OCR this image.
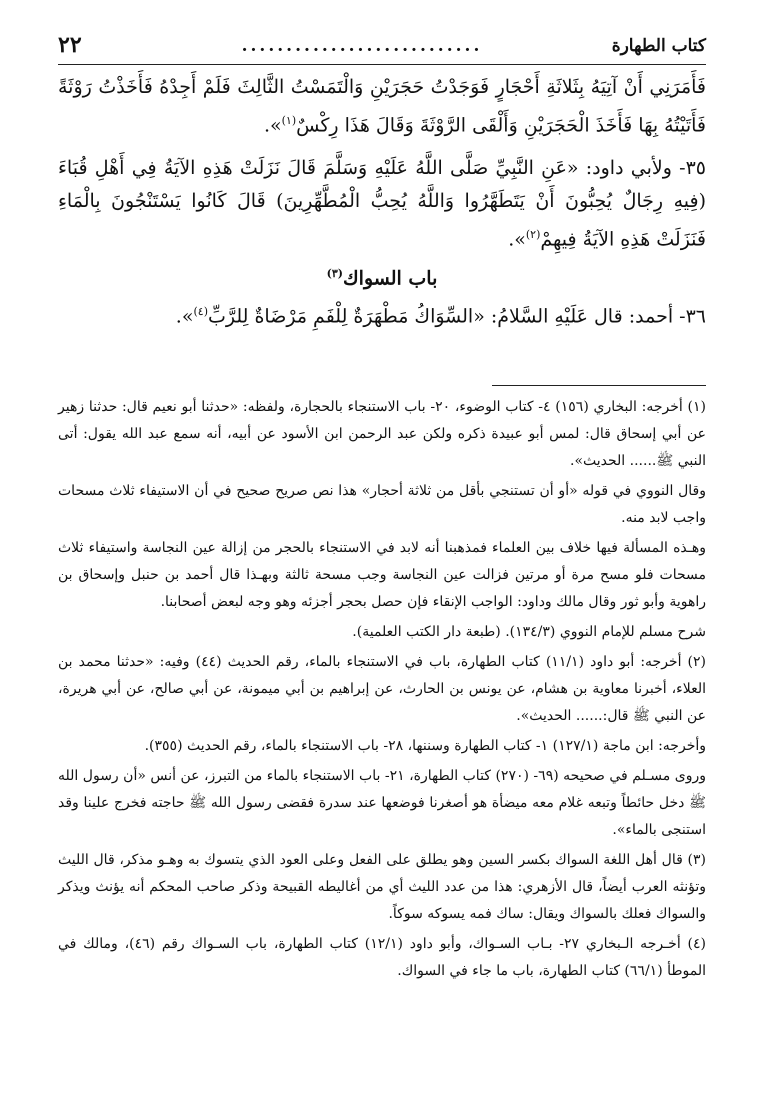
كتاب الطهارة
...........................
٢٢

فَأَمَرَنِي أَنْ آتِيَهُ بِثَلاثَةِ أَحْجَارٍ فَوَجَدْتُ حَجَرَيْنِ وَالْتَمَسْتُ الثَّالِثَ فَلَمْ أَجِدْهُ فَأَخَذْتُ رَوْثَةً فَأَتَيْتُهُ بِهَا فَأَخَذَ الْحَجَرَيْنِ وَأَلْقَى الرَّوْثَةَ وَقَالَ هَذَا رِكْسٌ$^{(١)}$».

٣٥- ولأبي داود: «عَنِ النَّبِيِّ صَلَّى اللَّهُ عَلَيْهِ وَسَلَّمَ قَالَ نَزَلَتْ هَذِهِ الآيَةُ فِي أَهْلِ قُبَاءَ (فِيهِ رِجَالٌ يُحِبُّونَ أَنْ يَتَطَهَّرُوا وَاللَّهُ يُحِبُّ الْمُطَّهِّرِينَ) قَالَ كَانُوا يَسْتَنْجُونَ بِالْمَاءِ فَنَزَلَتْ هَذِهِ الآيَةُ فِيهِمْ$^{(٢)}$».

باب السواك$^{(٣)}$

٣٦- أحمد: قال عَلَيْهِ السَّلامُ: «السِّوَاكُ مَطْهَرَةٌ لِلْفَمِ مَرْضَاةٌ لِلرَّبِّ$^{(٤)}$».

(١) أخرجه: البخاري (١٥٦) ٤- كتاب الوضوء، ٢٠- باب الاستنجاء بالحجارة، ولفظه: «حدثنا أبو نعيم قال: حدثنا زهير عن أبي إسحاق قال: لمس أبو عبيدة ذكره ولكن عبد الرحمن ابن الأسود عن أبيه، أنه سمع عبد الله يقول: أتى النبي ﷺ...... الحديث».

وقال النووي في قوله «أو أن تستنجي بأقل من ثلاثة أحجار» هذا نص صريح صحيح في أن الاستيفاء ثلاث مسحات واجب لابد منه.

وهـذه المسألة فيها خلاف بين العلماء فمذهبنا أنه لابد في الاستنجاء بالحجر من إزالة عين النجاسة واستيفاء ثلاث مسحات فلو مسح مرة أو مرتين فزالت عين النجاسة وجب مسحة ثالثة وبهـذا قال أحمد بن حنبل وإسحاق بن راهوية وأبو ثور وقال مالك وداود: الواجب الإنقاء فإن حصل بحجر أجزئه وهو وجه لبعض أصحابنا.

شرح مسلم للإمام النووي (١٣٤/٣). (طبعة دار الكتب العلمية).

(٢) أخرجه: أبو داود (١١/١) كتاب الطهارة، باب في الاستنجاء بالماء، رقم الحديث (٤٤) وفيه: «حدثنا محمد بن العلاء، أخبرنا معاوية بن هشام، عن يونس بن الحارث، عن إبراهيم بن أبي ميمونة، عن أبي صالح، عن أبي هريرة، عن النبي ﷺ قال:...... الحديث».

وأخرجه: ابن ماجة (١٢٧/١) ١- كتاب الطهارة وسننها، ٢٨- باب الاستنجاء بالماء، رقم الحديث (٣٥٥).

وروى مسـلم في صحيحه (٦٩- (٢٧٠) كتاب الطهارة، ٢١- باب الاستنجاء بالماء من التبرز، عن أنس «أن رسول الله ﷺ دخل حائطاً وتبعه غلام معه ميضأة هو أصغرنا فوضعها عند سدرة فقضى رسول الله ﷺ حاجته فخرج علينا وقد استنجى بالماء».

(٣) قال أهل اللغة السواك بكسر السين وهو يطلق على الفعل وعلى العود الذي يتسوك به وهـو مذكر، قال الليث وتؤنثه العرب أيضاً، قال الأزهري: هذا من عدد الليث أي من أغاليطه القبيحة وذكر صاحب المحكم أنه يؤنث ويذكر والسواك فعلك بالسواك ويقال: ساك فمه يسوكه سوكاً.

(٤) أخـرجه الـبخاري ٢٧- بـاب السـواك، وأبو داود (١٢/١) كتاب الطهارة، باب السـواك رقم (٤٦)، ومالك في الموطأ (٦٦/١) كتاب الطهارة، باب ما جاء في السواك.
